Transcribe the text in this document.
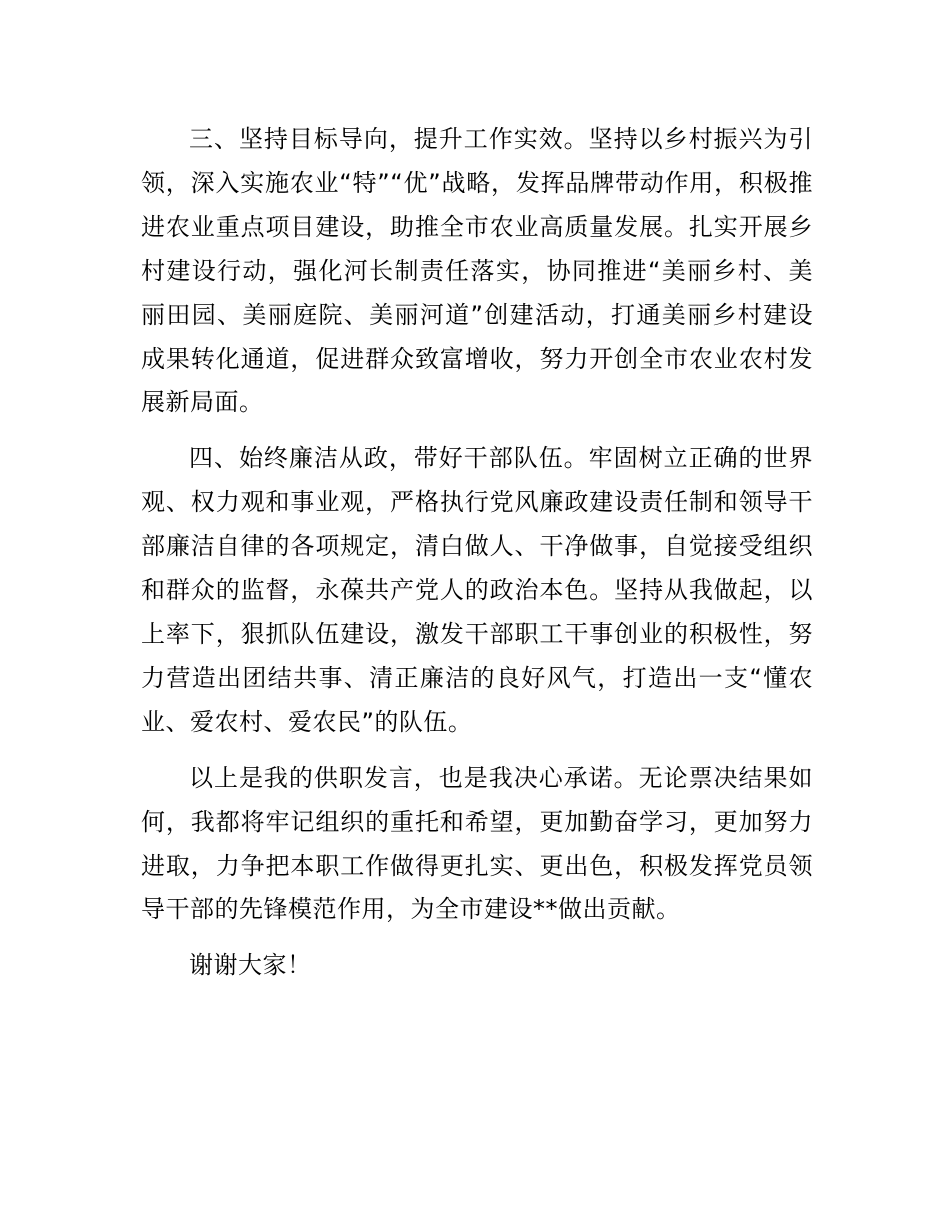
三、坚持目标导向，提升工作实效。坚持以乡村振兴为引领，深入实施农业“特”“优”战略，发挥品牌带动作用，积极推进农业重点项目建设，助推全市农业高质量发展。扎实开展乡村建设行动，强化河长制责任落实，协同推进“美丽乡村、美丽田园、美丽庭院、美丽河道”创建活动，打通美丽乡村建设成果转化通道，促进群众致富增收，努力开创全市农业农村发展新局面。

四、始终廉洁从政，带好干部队伍。牢固树立正确的世界观、权力观和事业观，严格执行党风廉政建设责任制和领导干部廉洁自律的各项规定，清白做人、干净做事，自觉接受组织和群众的监督，永葆共产党人的政治本色。坚持从我做起，以上率下，狠抓队伍建设，激发干部职工干事创业的积极性，努力营造出团结共事、清正廉洁的良好风气，打造出一支“懂农业、爱农村、爱农民”的队伍。

以上是我的供职发言，也是我决心承诺。无论票决结果如何，我都将牢记组织的重托和希望，更加勤奋学习，更加努力进取，力争把本职工作做得更扎实、更出色，积极发挥党员领导干部的先锋模范作用，为全市建设**做出贡献。

谢谢大家！
